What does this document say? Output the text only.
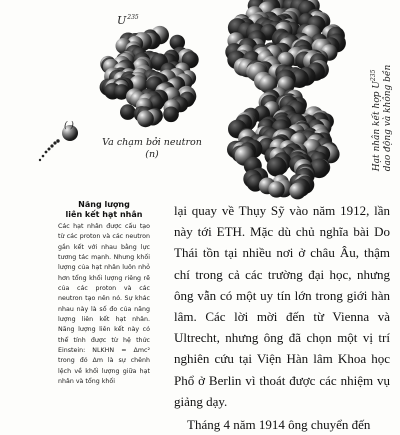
$U^{235}$
( )
Va chạm bởi neutron
(n)	Hạt nhân kết hợp $U^{235}$ dao động và không bền
Năng lượng
liên kết hạt nhân

Các hạt nhân được cấu tạo từ các proton và các neutron gắn kết với nhau bằng lực tương tác mạnh. Nhưng khối lượng của hạt nhân luôn nhỏ hơn tổng khối lượng riêng rẽ của các proton và các neutron tạo nên nó. Sự khác nhau này là số đo của năng lượng liên kết hạt nhân. Năng lượng liên kết này có thể tính được từ hệ thức Einstein: NLKHN = Δmc² trong đó Δm là sự chênh lệch về khối lượng giữa hạt nhân và tổng khối

lại quay về Thụy Sỹ vào năm 1912, lần này tới ETH. Mặc dù chủ nghĩa bài Do Thái tồn tại nhiều nơi ở châu Âu, thậm chí trong cả các trường đại học, nhưng ông vẫn có một uy tín lớn trong giới hàn lâm. Các lời mời đến từ Vienna và Ultrecht, nhưng ông đã chọn một vị trí nghiên cứu tại Viện Hàn lâm Khoa học Phổ ở Berlin vì thoát được các nhiệm vụ giảng dạy.

Tháng 4 năm 1914 ông chuyển đến
